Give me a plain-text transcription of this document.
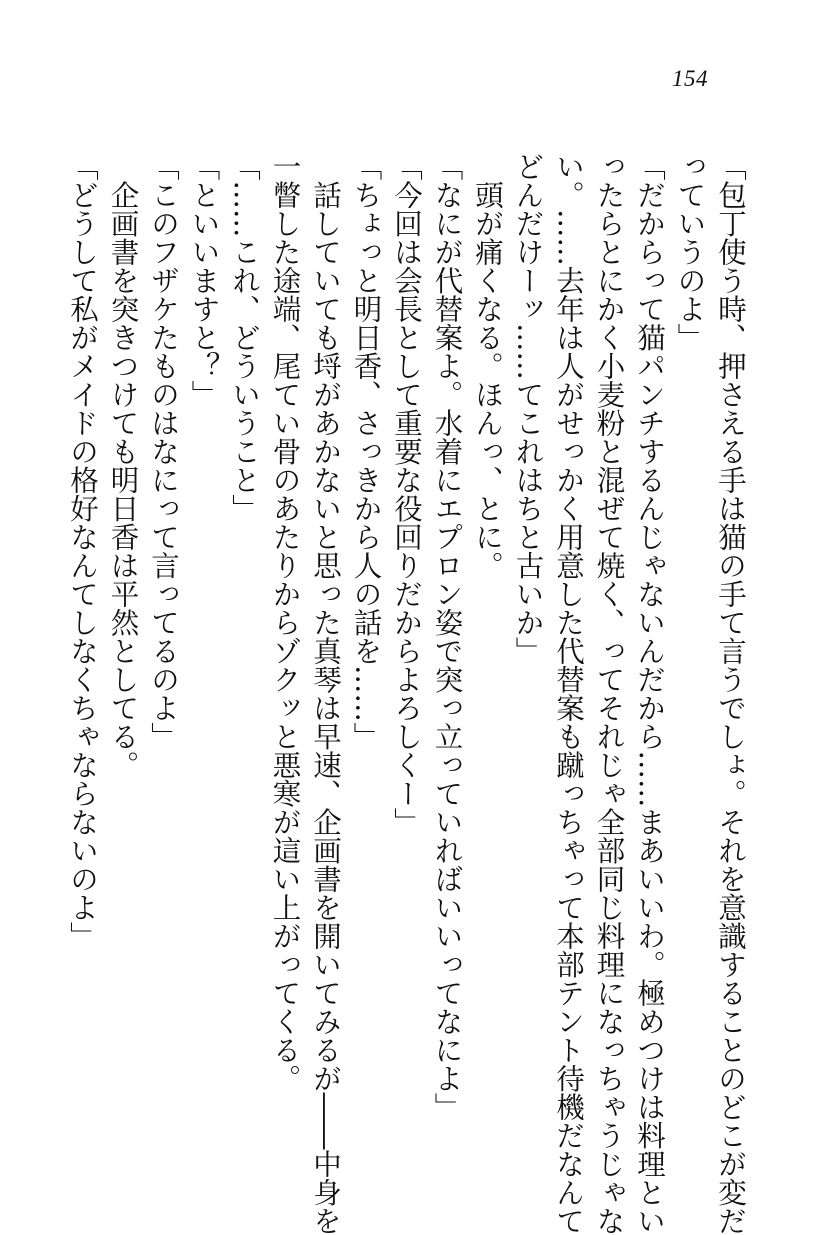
154
「包丁使う時、押さえる手は猫の手て言うでしょ。それを意識することのどこが変だ
っていうのよ」
「だからって猫パンチするんじゃないんだから……まあいいわ。極めつけは料理とい
ったらとにかく小麦粉と混ぜて焼く、ってそれじゃ全部同じ料理になっちゃうじゃな
い。……去年は人がせっかく用意した代替案も蹴っちゃって本部テント待機だなんて
どんだけーッ……てこれはちと古いか」
　頭が痛くなる。ほんっ、とに。
「なにが代替案よ。水着にエプロン姿で突っ立っていればいいってなによ」
「今回は会長として重要な役回りだからよろしくー」
「ちょっと明日香、さっきから人の話を……」
　話していても埒があかないと思った真琴は早速、企画書を開いてみるが――中身を
一瞥した途端、尾てい骨のあたりからゾクッと悪寒が這い上がってくる。
「……これ、どういうこと」
「といいますと？」
「このフザケたものはなにって言ってるのよ」
　企画書を突きつけても明日香は平然としてる。
「どうして私がメイドの格好なんてしなくちゃならないのよ」
